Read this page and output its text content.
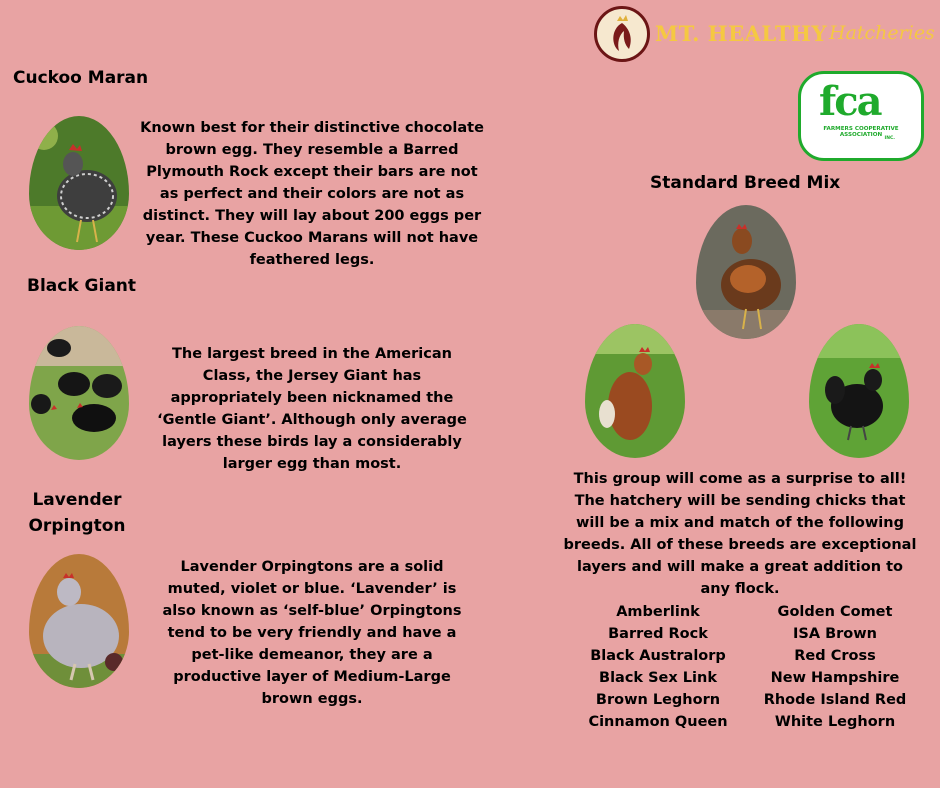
MT. HEALTHY Hatcheries
fca
FARMERS COOPERATIVE ASSOCIATION
INC.
Cuckoo Maran
Known best for their distinctive chocolate brown egg. They resemble a Barred Plymouth Rock except their bars are not as perfect and their colors are not as distinct. They will lay about 200 eggs per year. These Cuckoo Marans will not have feathered legs.
Black Giant
The largest breed in the American Class, the Jersey Giant has appropriately been nicknamed the ‘Gentle Giant’. Although only average layers these birds lay a considerably larger egg than most.
Lavender
Orpington
Lavender Orpingtons are a solid muted, violet or blue. ‘Lavender’ is also known as ‘self-blue’ Orpingtons tend to be very friendly and have a pet-like demeanor, they are a productive layer of Medium-Large brown eggs.
Standard Breed Mix
This group will come as a surprise to all! The hatchery will be sending chicks that will be a mix and match of the following breeds. All of these breeds are exceptional layers and will make a great addition to any flock.
Amberlink
Barred Rock
Black Australorp
Black Sex Link
Brown Leghorn
Cinnamon Queen
Golden Comet
ISA Brown
Red Cross
New Hampshire
Rhode Island Red
White Leghorn
